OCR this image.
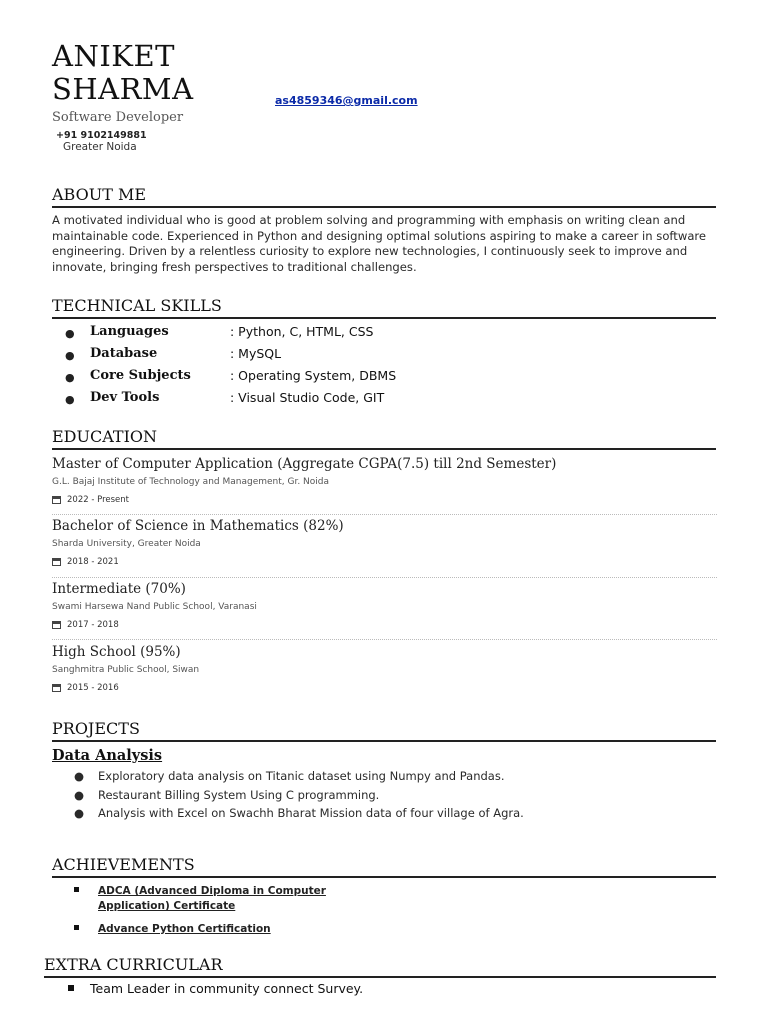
ANIKET
SHARMA	as4859346@gmail.com
Software Developer
+91 9102149881
Greater Noida
ABOUT ME
A motivated individual who is good at problem solving and programming with emphasis on writing clean and maintainable code. Experienced in Python and designing optimal solutions aspiring to make a career in software engineering. Driven by a relentless curiosity to explore new technologies, I continuously seek to improve and innovate, bringing fresh perspectives to traditional challenges.
TECHNICAL SKILLS
● Languages	: Python, C, HTML, CSS
● Database	: MySQL
● Core Subjects	: Operating System, DBMS
● Dev Tools	: Visual Studio Code, GIT
EDUCATION
Master of Computer Application (Aggregate CGPA(7.5) till 2nd Semester)
G.L. Bajaj Institute of Technology and Management, Gr. Noida
2022 - Present
Bachelor of Science in Mathematics (82%)
Sharda University, Greater Noida
2018 - 2021
Intermediate (70%)
Swami Harsewa Nand Public School, Varanasi
2017 - 2018
High School (95%)
Sanghmitra Public School, Siwan
2015 - 2016
PROJECTS
Data Analysis
● Exploratory data analysis on Titanic dataset using Numpy and Pandas.
● Restaurant Billing System Using C programming.
● Analysis with Excel on Swachh Bharat Mission data of four village of Agra.
ACHIEVEMENTS
ADCA (Advanced Diploma in Computer
Application) Certificate
Advance Python Certification
EXTRA CURRICULAR
Team Leader in community connect Survey.
